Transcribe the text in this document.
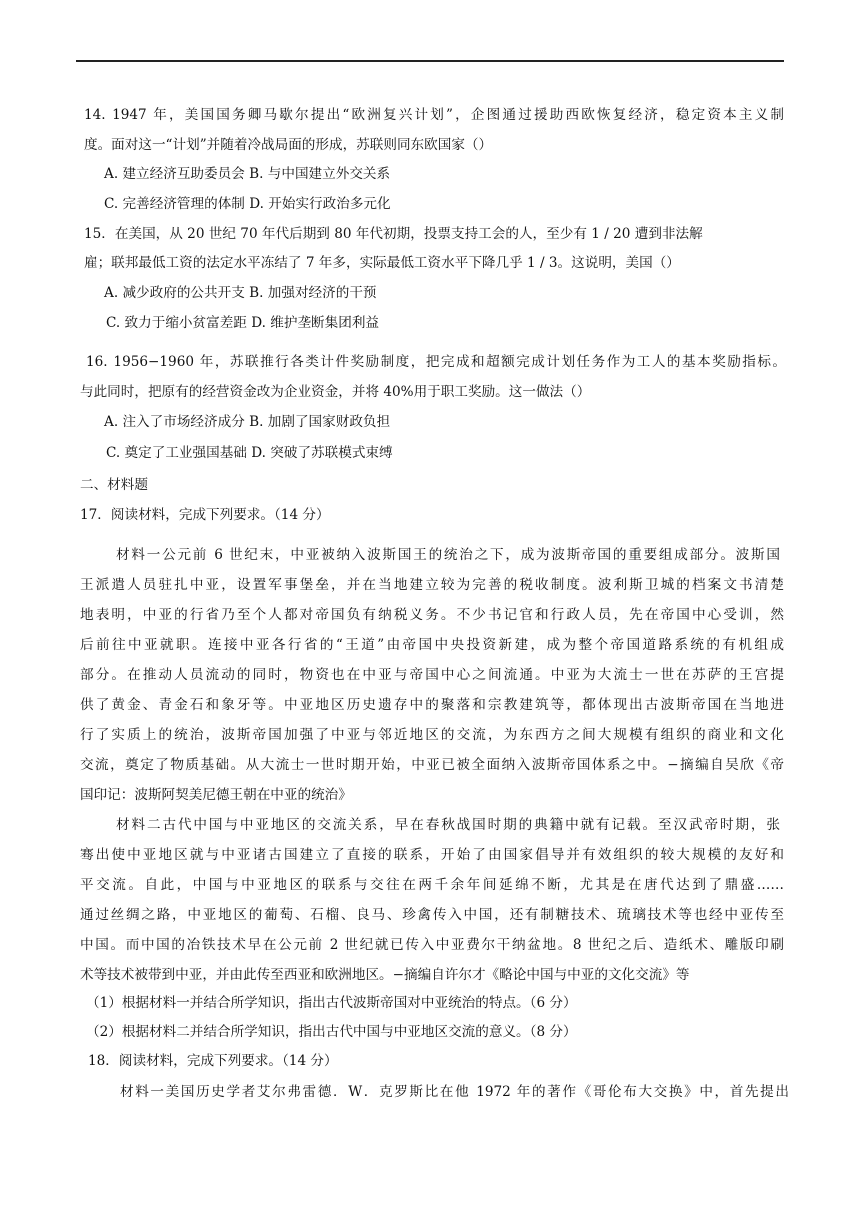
14. 1947 年，美国国务卿马歇尔提出“欧洲复兴计划”，企图通过援助西欧恢复经济，稳定资本主义制
度。面对这一“计划”并随着冷战局面的形成，苏联则同东欧国家（）
A. 建立经济互助委员会 B. 与中国建立外交关系
C. 完善经济管理的体制 D. 开始实行政治多元化
15．在美国，从 20 世纪 70 年代后期到 80 年代初期，投票支持工会的人，至少有 1 / 20 遭到非法解
雇；联邦最低工资的法定水平冻结了 7 年多，实际最低工资水平下降几乎 1 / 3。这说明，美国（）
A. 减少政府的公共开支 B. 加强对经济的干预
C. 致力于缩小贫富差距 D. 维护垄断集团利益
16. 1956−1960 年，苏联推行各类计件奖励制度，把完成和超额完成计划任务作为工人的基本奖励指标。
与此同时，把原有的经营资金改为企业资金，并将 40%用于职工奖励。这一做法（）
A. 注入了市场经济成分 B. 加剧了国家财政负担
C. 奠定了工业强国基础 D. 突破了苏联模式束缚
二、材料题
17．阅读材料，完成下列要求。（14 分）
材料一公元前 6 世纪末，中亚被纳入波斯国王的统治之下，成为波斯帝国的重要组成部分。波斯国
王派遣人员驻扎中亚，设置军事堡垒，并在当地建立较为完善的税收制度。波利斯卫城的档案文书清楚
地表明，中亚的行省乃至个人都对帝国负有纳税义务。不少书记官和行政人员，先在帝国中心受训，然
后前往中亚就职。连接中亚各行省的“王道”由帝国中央投资新建，成为整个帝国道路系统的有机组成
部分。在推动人员流动的同时，物资也在中亚与帝国中心之间流通。中亚为大流士一世在苏萨的王宫提
供了黄金、青金石和象牙等。中亚地区历史遗存中的聚落和宗教建筑等，都体现出古波斯帝国在当地进
行了实质上的统治，波斯帝国加强了中亚与邻近地区的交流，为东西方之间大规模有组织的商业和文化
交流，奠定了物质基础。从大流士一世时期开始，中亚已被全面纳入波斯帝国体系之中。−摘编自吴欣《帝
国印记：波斯阿契美尼德王朝在中亚的统治》
材料二古代中国与中亚地区的交流关系，早在春秋战国时期的典籍中就有记载。至汉武帝时期，张
骞出使中亚地区就与中亚诸古国建立了直接的联系，开始了由国家倡导并有效组织的较大规模的友好和
平交流。自此，中国与中亚地区的联系与交往在两千余年间延绵不断，尤其是在唐代达到了鼎盛……
通过丝绸之路，中亚地区的葡萄、石榴、良马、珍禽传入中国，还有制糖技术、琉璃技术等也经中亚传至
中国。而中国的冶铁技术早在公元前 2 世纪就已传入中亚费尔干纳盆地。8 世纪之后、造纸术、雕版印刷
术等技术被带到中亚，并由此传至西亚和欧洲地区。−摘编自许尔才《略论中国与中亚的文化交流》等
（1）根据材料一并结合所学知识，指出古代波斯帝国对中亚统治的特点。（6 分）
（2）根据材料二并结合所学知识，指出古代中国与中亚地区交流的意义。（8 分）
18．阅读材料，完成下列要求。（14 分）
材料一美国历史学者艾尔弗雷德．W．克罗斯比在他 1972 年的著作《哥伦布大交换》中，首先提出
